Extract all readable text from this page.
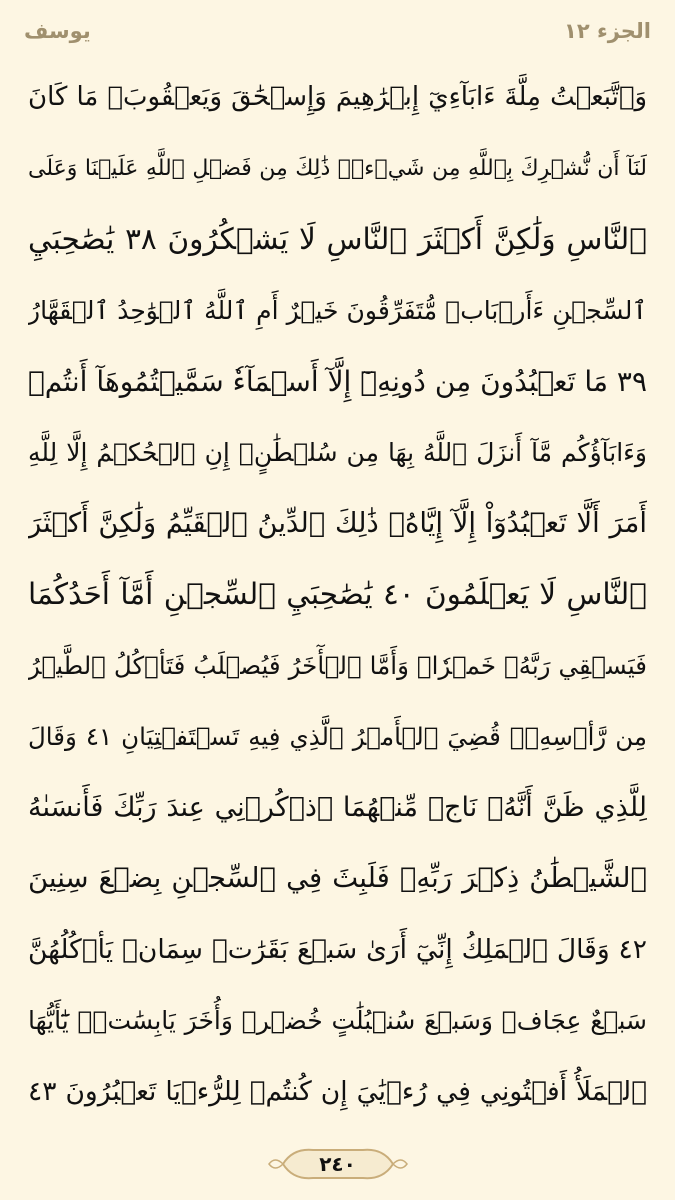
الجزء ١٢
يوسف
وَٱتَّبَعۡتُ مِلَّةَ ءَابَآءِيٓ إِبۡرَٰهِيمَ وَإِسۡحَٰقَ وَيَعۡقُوبَۚ مَا كَانَ
لَنَآ أَن نُّشۡرِكَ بِٱللَّهِ مِن شَيۡءٖۚ ذَٰلِكَ مِن فَضۡلِ ٱللَّهِ عَلَيۡنَا وَعَلَى
ٱلنَّاسِ وَلَٰكِنَّ أَكۡثَرَ ٱلنَّاسِ لَا يَشۡكُرُونَ ٣٨ يَٰصَٰحِبَيِ
ٱلسِّجۡنِ ءَأَرۡبَابٞ مُّتَفَرِّقُونَ خَيۡرٌ أَمِ ٱللَّهُ ٱلۡوَٰحِدُ ٱلۡقَهَّارُ
٣٩ مَا تَعۡبُدُونَ مِن دُونِهِۦٓ إِلَّآ أَسۡمَآءٗ سَمَّيۡتُمُوهَآ أَنتُمۡ
وَءَابَآؤُكُم مَّآ أَنزَلَ ٱللَّهُ بِهَا مِن سُلۡطَٰنٍۚ إِنِ ٱلۡحُكۡمُ إِلَّا لِلَّهِ
أَمَرَ أَلَّا تَعۡبُدُوٓاْ إِلَّآ إِيَّاهُۚ ذَٰلِكَ ٱلدِّينُ ٱلۡقَيِّمُ وَلَٰكِنَّ أَكۡثَرَ
ٱلنَّاسِ لَا يَعۡلَمُونَ ٤٠ يَٰصَٰحِبَيِ ٱلسِّجۡنِ أَمَّآ أَحَدُكُمَا
فَيَسۡقِي رَبَّهُۥ خَمۡرٗاۖ وَأَمَّا ٱلۡأٓخَرُ فَيُصۡلَبُ فَتَأۡكُلُ ٱلطَّيۡرُ
مِن رَّأۡسِهِۦۚ قُضِيَ ٱلۡأَمۡرُ ٱلَّذِي فِيهِ تَسۡتَفۡتِيَانِ ٤١ وَقَالَ
لِلَّذِي ظَنَّ أَنَّهُۥ نَاجٖ مِّنۡهُمَا ٱذۡكُرۡنِي عِندَ رَبِّكَ فَأَنسَىٰهُ
ٱلشَّيۡطَٰنُ ذِكۡرَ رَبِّهِۦ فَلَبِثَ فِي ٱلسِّجۡنِ بِضۡعَ سِنِينَ
٤٢ وَقَالَ ٱلۡمَلِكُ إِنِّيٓ أَرَىٰ سَبۡعَ بَقَرَٰتٖ سِمَانٖ يَأۡكُلُهُنَّ
سَبۡعٌ عِجَافٞ وَسَبۡعَ سُنۢبُلَٰتٍ خُضۡرٖ وَأُخَرَ يَابِسَٰتٖۖ يَٰٓأَيُّهَا
ٱلۡمَلَأُ أَفۡتُونِي فِي رُءۡيَٰيَ إِن كُنتُمۡ لِلرُّءۡيَا تَعۡبُرُونَ ٤٣
٢٤٠
